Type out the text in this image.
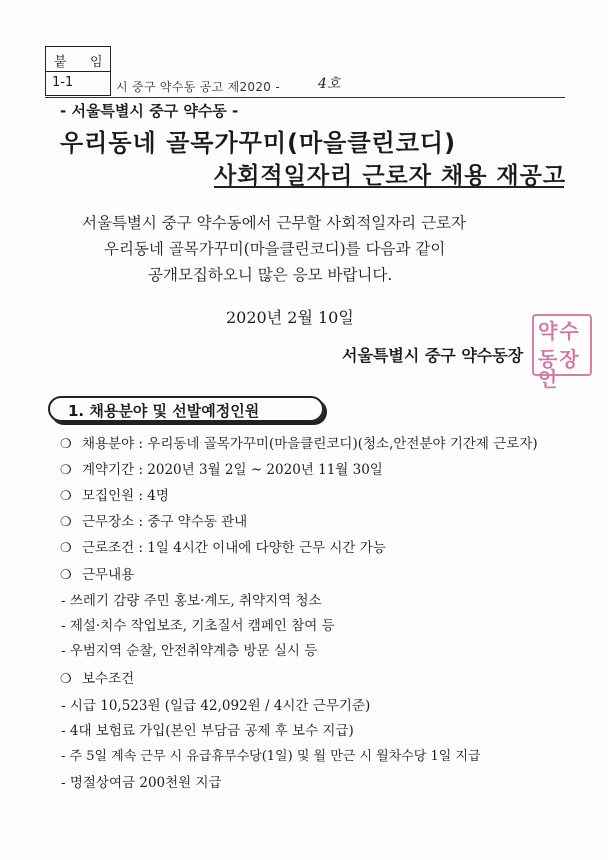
붙 임
1-1	시 중구 약수동 공고 제2020 -	4호
- 서울특별시 중구 약수동 -
우리동네 골목가꾸미(마을클린코디)
사회적일자리 근로자 채용 재공고
서울특별시 중구 약수동에서 근무할 사회적일자리 근로자
우리동네 골목가꾸미(마을클린코디)를 다음과 같이
공개모집하오니 많은 응모 바랍니다.
2020년 2월 10일
서울특별시 중구 약수동장
약수
동장인
1. 채용분야 및 선발예정인원
❍ 채용분야 : 우리동네 골목가꾸미(마을클린코디)(청소,안전분야 기간제 근로자)
❍ 계약기간 : 2020년 3월 2일 ~ 2020년 11월 30일
❍ 모집인원 : 4명
❍ 근무장소 : 중구 약수동 관내
❍ 근로조건 : 1일 4시간 이내에 다양한 근무 시간 가능
❍ 근무내용
- 쓰레기 감량 주민 홍보·계도, 취약지역 청소
- 제설·치수 작업보조, 기초질서 캠페인 참여 등
- 우범지역 순찰, 안전취약계층 방문 실시 등
❍ 보수조건
- 시급 10,523원 (일급 42,092원 / 4시간 근무기준)
- 4대 보험료 가입(본인 부담금 공제 후 보수 지급)
- 주 5일 계속 근무 시 유급휴무수당(1일) 및 월 만근 시 월차수당 1일 지급
- 명절상여금 200천원 지급
